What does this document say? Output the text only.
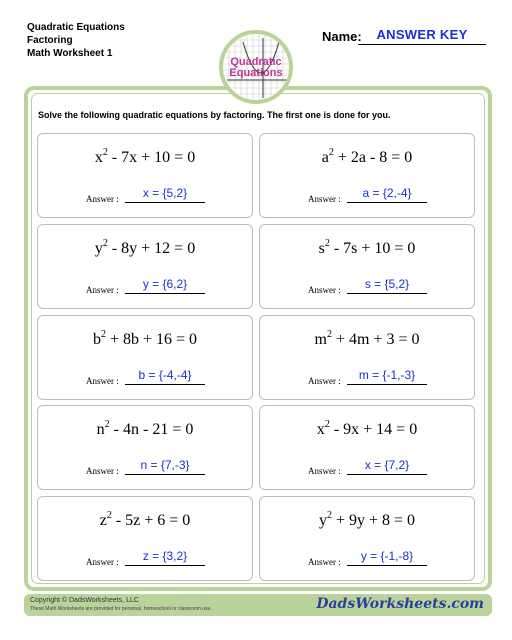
Quadratic Equations
Factoring
Math Worksheet 1
Name:	ANSWER KEY
Quadratic
Equations
Solve the following quadratic equations by factoring. The first one is done for you.
$x^2 - 7x + 10 = 0$
Answer :	x = {5,2}
$a^2 + 2a - 8 = 0$
Answer :	a = {2,-4}
$y^2 - 8y + 12 = 0$
Answer :	y = {6,2}
$s^2 - 7s + 10 = 0$
Answer :	s = {5,2}
$b^2 + 8b + 16 = 0$
Answer :	b = {-4,-4}
$m^2 + 4m + 3 = 0$
Answer :	m = {-1,-3}
$n^2 - 4n - 21 = 0$
Answer :	n = {7,-3}
$x^2 - 9x + 14 = 0$
Answer :	x = {7,2}
$z^2 - 5z + 6 = 0$
Answer :	z = {3,2}
$y^2 + 9y + 8 = 0$
Answer :	y = {-1,-8}
Copyright © DadsWorksheets, LLC
These Math Worksheets are provided for personal, homeschool or classroom use.	DadsWorksheets.com
